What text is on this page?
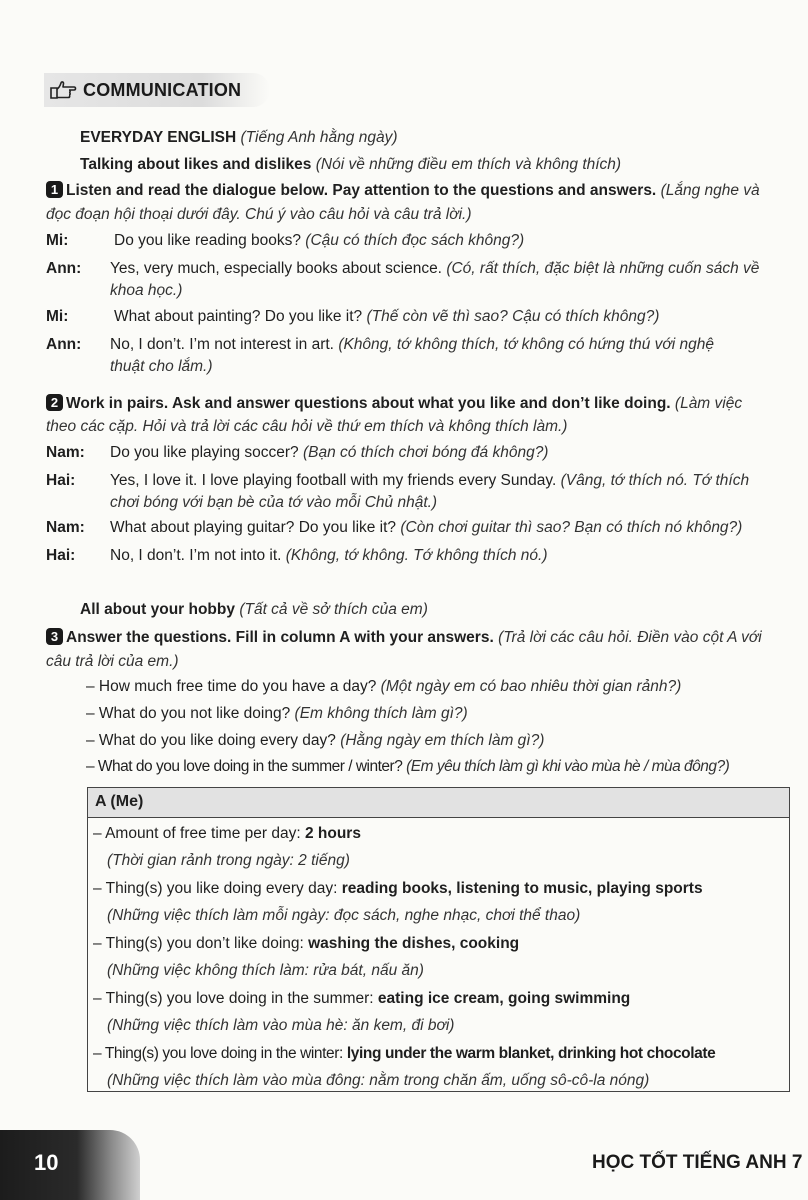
COMMUNICATION
EVERYDAY ENGLISH (Tiếng Anh hằng ngày)
Talking about likes and dislikes (Nói về những điều em thích và không thích)
1 Listen and read the dialogue below. Pay attention to the questions and answers. (Lắng nghe và
đọc đoạn hội thoại dưới đây. Chú ý vào câu hỏi và câu trả lời.)
Mi:	Do you like reading books? (Cậu có thích đọc sách không?)
Ann: Yes, very much, especially books about science. (Có, rất thích, đặc biệt là những cuốn sách về
khoa học.)
Mi:	What about painting? Do you like it? (Thế còn vẽ thì sao? Cậu có thích không?)
Ann: No, I don’t. I’m not interest in art. (Không, tớ không thích, tớ không có hứng thú với nghệ
thuật cho lắm.)
2 Work in pairs. Ask and answer questions about what you like and don’t like doing. (Làm việc
theo các cặp. Hỏi và trả lời các câu hỏi về thứ em thích và không thích làm.)
Nam: Do you like playing soccer? (Bạn có thích chơi bóng đá không?)
Hai: Yes, I love it. I love playing football with my friends every Sunday. (Vâng, tớ thích nó. Tớ thích
chơi bóng với bạn bè của tớ vào mỗi Chủ nhật.)
Nam: What about playing guitar? Do you like it? (Còn chơi guitar thì sao? Bạn có thích nó không?)
Hai: No, I don’t. I’m not into it. (Không, tớ không. Tớ không thích nó.)
All about your hobby (Tất cả về sở thích của em)
3 Answer the questions. Fill in column A with your answers. (Trả lời các câu hỏi. Điền vào cột A với
câu trả lời của em.)
– How much free time do you have a day? (Một ngày em có bao nhiêu thời gian rảnh?)
– What do you not like doing? (Em không thích làm gì?)
– What do you like doing every day? (Hằng ngày em thích làm gì?)
– What do you love doing in the summer / winter? (Em yêu thích làm gì khi vào mùa hè / mùa đông?)
A (Me)
– Amount of free time per day: 2 hours
(Thời gian rảnh trong ngày: 2 tiếng)
– Thing(s) you like doing every day: reading books, listening to music, playing sports
(Những việc thích làm mỗi ngày: đọc sách, nghe nhạc, chơi thể thao)
– Thing(s) you don’t like doing: washing the dishes, cooking
(Những việc không thích làm: rửa bát, nấu ăn)
– Thing(s) you love doing in the summer: eating ice cream, going swimming
(Những việc thích làm vào mùa hè: ăn kem, đi bơi)
– Thing(s) you love doing in the winter: lying under the warm blanket, drinking hot chocolate
(Những việc thích làm vào mùa đông: nằm trong chăn ấm, uống sô-cô-la nóng)
10	HỌC TỐT TIẾNG ANH 7
